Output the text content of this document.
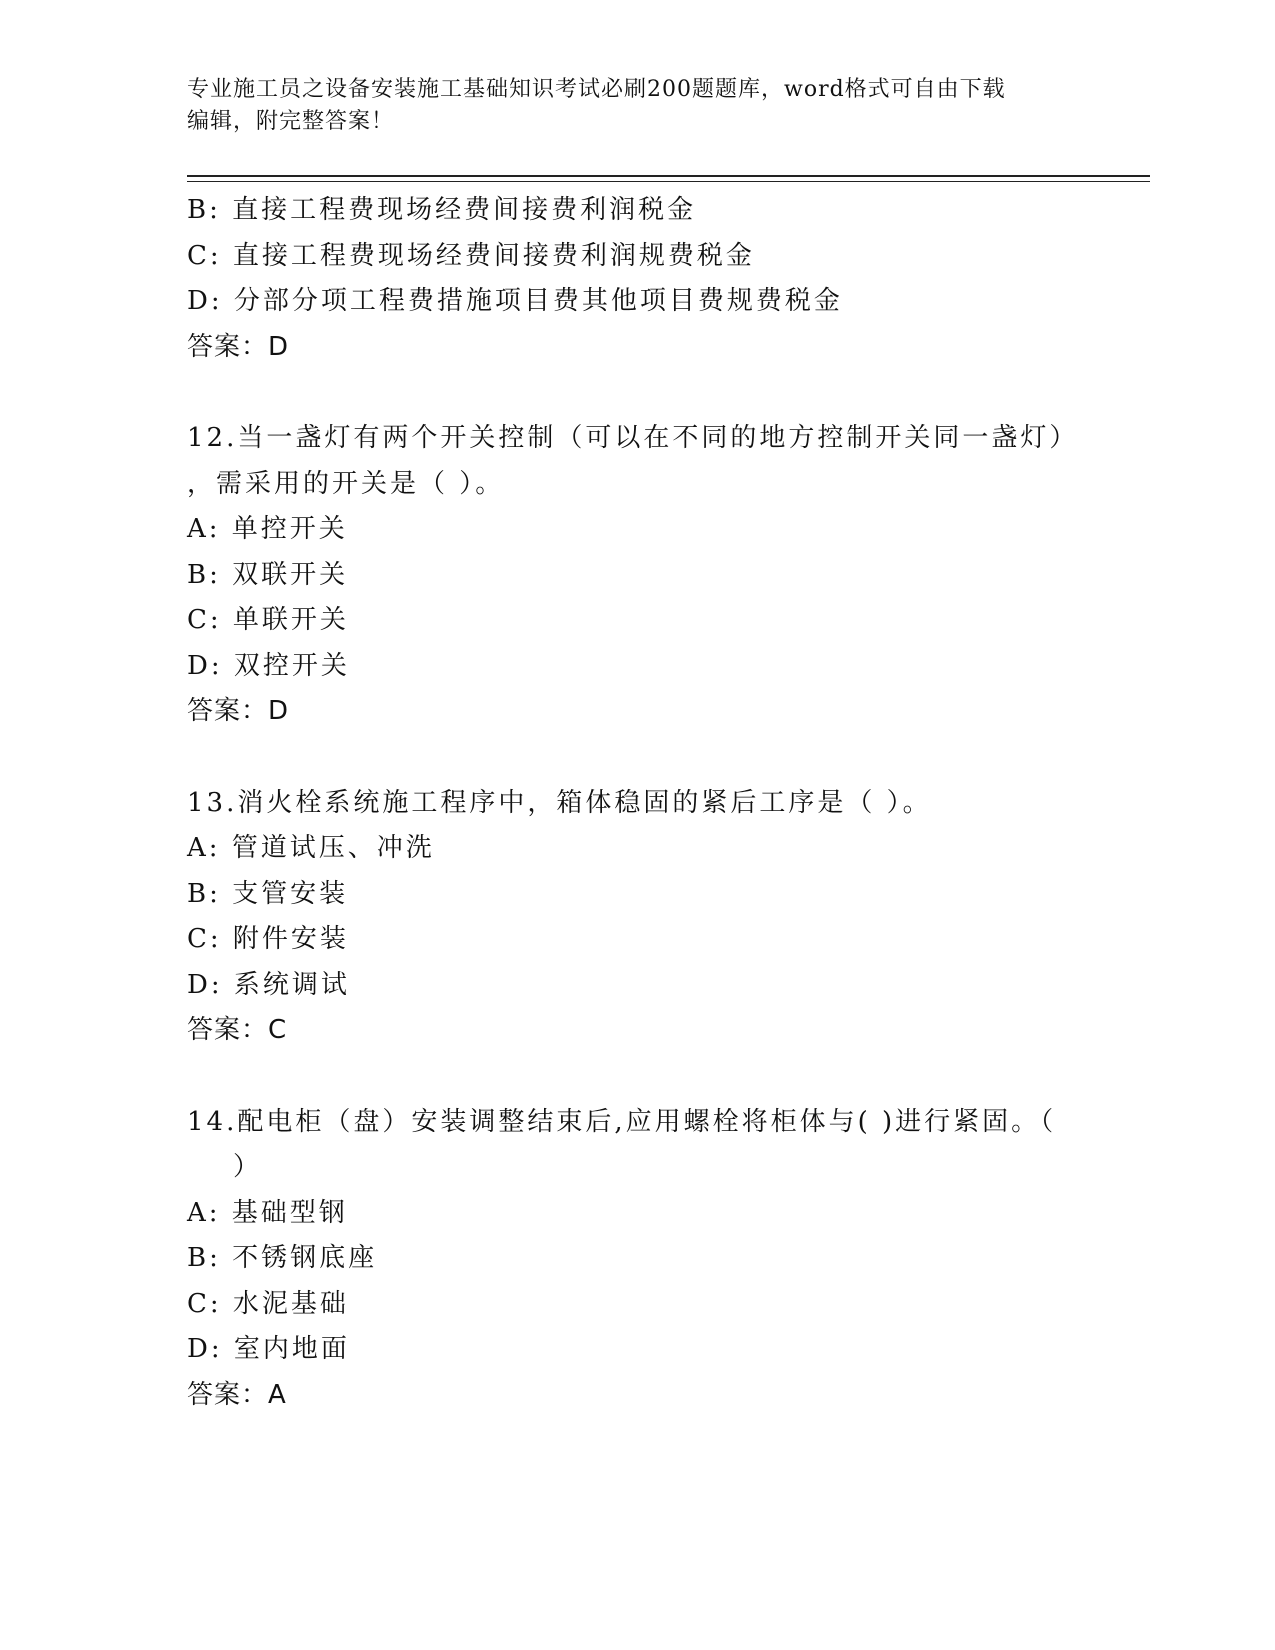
专业施工员之设备安装施工基础知识考试必刷200题题库，word格式可自由下载
编辑，附完整答案！
B: 直接工程费现场经费间接费利润税金
C: 直接工程费现场经费间接费利润规费税金
D: 分部分项工程费措施项目费其他项目费规费税金
答案：D
12.当一盏灯有两个开关控制（可以在不同的地方控制开关同一盏灯）
，需采用的开关是（ ）。
A: 单控开关
B: 双联开关
C: 单联开关
D: 双控开关
答案：D
13.消火栓系统施工程序中，箱体稳固的紧后工序是（ ）。
A: 管道试压、冲洗
B: 支管安装
C: 附件安装
D: 系统调试
答案：C
14.配电柜（盘）安装调整结束后,应用螺栓将柜体与( )进行紧固。（
）
A: 基础型钢
B: 不锈钢底座
C: 水泥基础
D: 室内地面
答案：A
